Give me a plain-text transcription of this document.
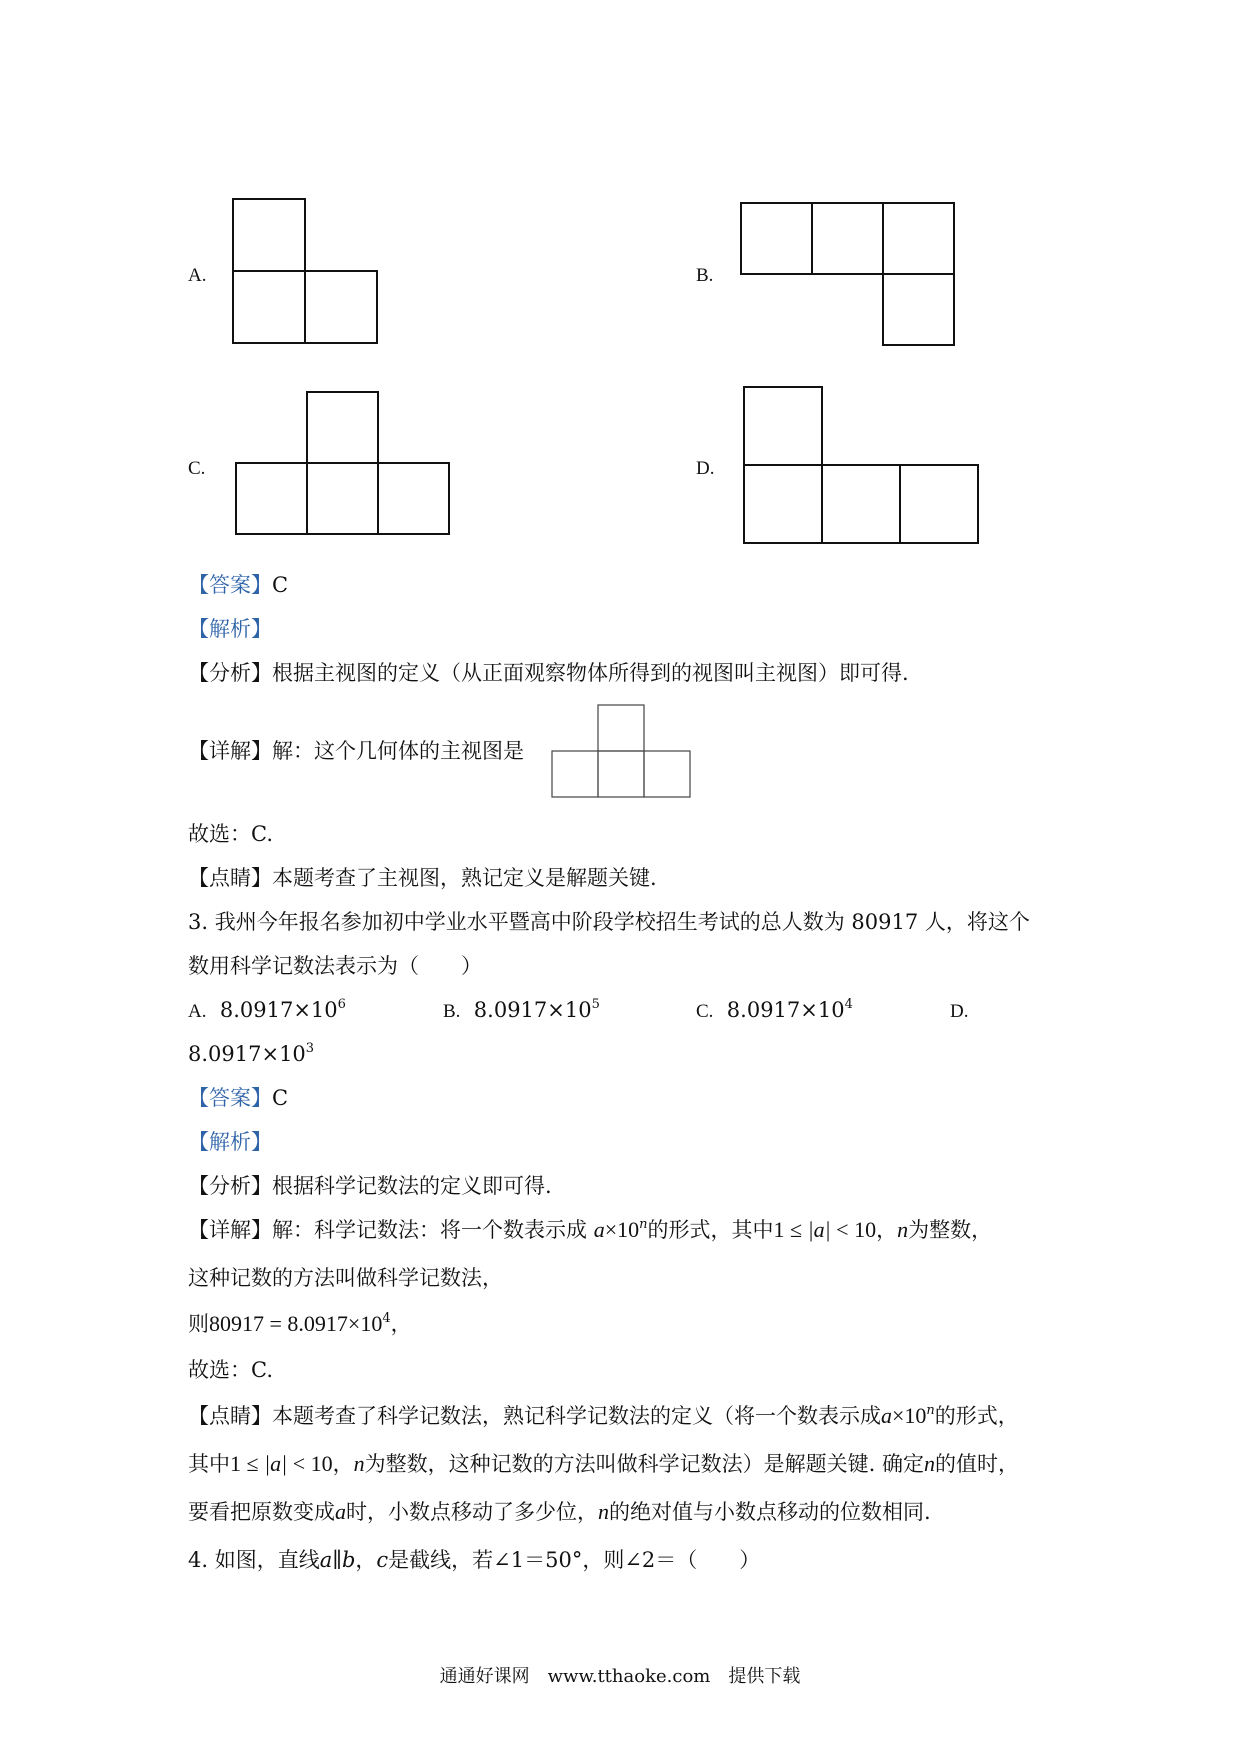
A.	B.
C.	D.
【答案】C
【解析】
【分析】根据主视图的定义（从正面观察物体所得到的视图叫主视图）即可得.
【详解】解：这个几何体的主视图是
故选：C.
【点睛】本题考查了主视图，熟记定义是解题关键.
3. 我州今年报名参加初中学业水平暨高中阶段学校招生考试的总人数为 80917 人，将这个
数用科学记数法表示为（　　）
A. $8.0917\times 10^6$	B. $8.0917\times 10^5$	C. $8.0917\times 10^4$	D.
$8.0917\times 10^3$
【答案】C
【解析】
【分析】根据科学记数法的定义即可得.
【详解】解：科学记数法：将一个数表示成 $a\times 10^n$的形式，其中1 ≤ |a| < 10，n为整数，
这种记数的方法叫做科学记数法，
则$80917 = 8.0917\times 10^4$，
故选：C.
【点睛】本题考查了科学记数法，熟记科学记数法的定义（将一个数表示成$a\times 10^n$的形式，
其中1 ≤ |a| < 10，n为整数，这种记数的方法叫做科学记数法）是解题关键. 确定n的值时，
要看把原数变成a时，小数点移动了多少位，n的绝对值与小数点移动的位数相同.
4. 如图，直线a∥b，c是截线，若∠1＝50°，则∠2＝（　　）
通通好课网　www.tthaoke.com　提供下载
